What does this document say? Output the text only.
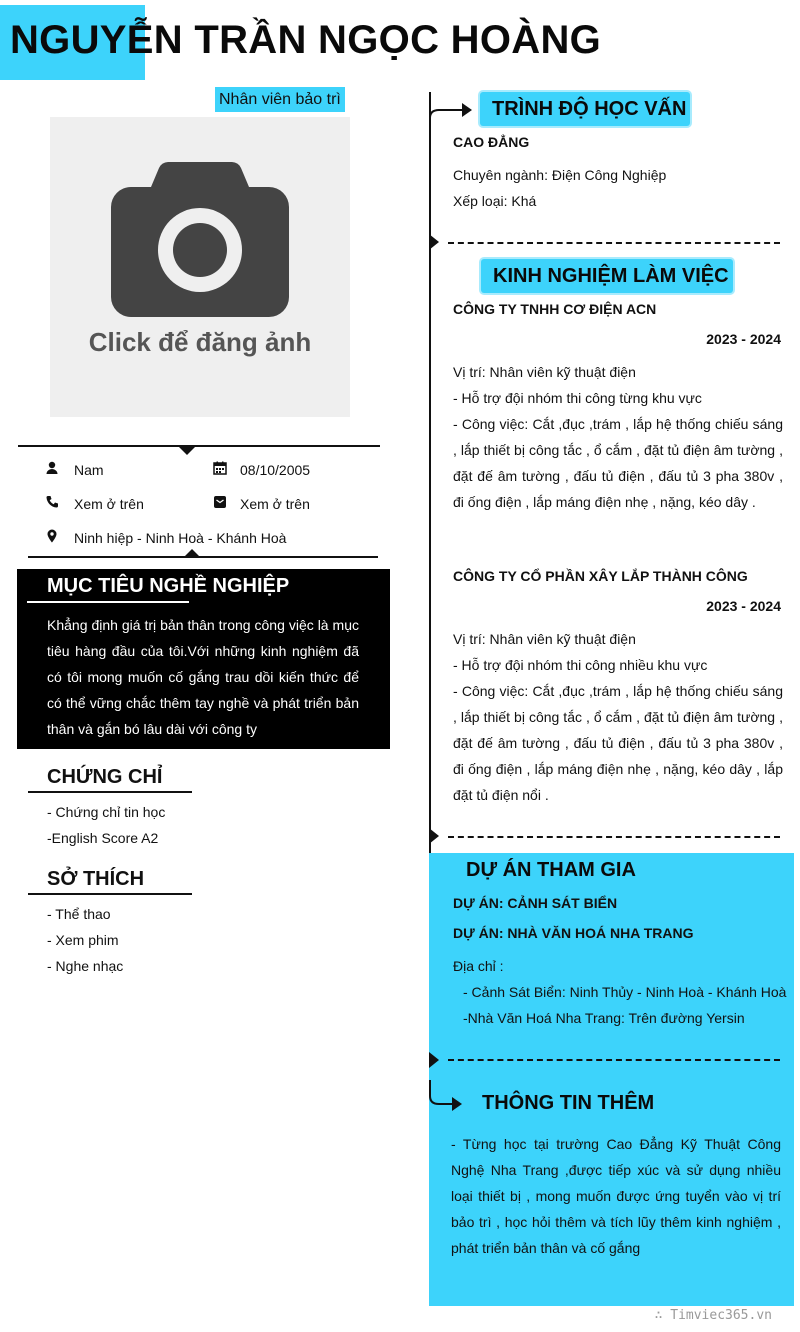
NGUYỄN TRẦN NGỌC HOÀNG
Nhân viên bảo trì
Click để đăng ảnh
Nam	08/10/2005
Xem ở trên	Xem ở trên
Ninh hiệp - Ninh Hoà - Khánh Hoà
MỤC TIÊU NGHỀ NGHIỆP
Khẳng định giá trị bản thân trong công việc là mục tiêu hàng đầu của tôi.Với những kinh nghiệm đã có tôi mong muốn cố gắng trau dồi kiến thức để có thể vững chắc thêm tay nghề và phát triển bản thân và gắn bó lâu dài với công ty
CHỨNG CHỈ
- Chứng chỉ tin học
-English Score A2
SỞ THÍCH
- Thể thao
- Xem phim
- Nghe nhạc
TRÌNH ĐỘ HỌC VẤN
CAO ĐẲNG
Chuyên ngành: Điện Công Nghiệp
Xếp loại: Khá
KINH NGHIỆM LÀM VIỆC
CÔNG TY TNHH CƠ ĐIỆN ACN
2023 - 2024
Vị trí: Nhân viên kỹ thuật điện
- Hỗ trợ đội nhóm thi công từng khu vực
- Công việc: Cắt ,đục ,trám , lắp hệ thống chiếu sáng , lắp thiết bị công tắc , ổ cắm , đặt tủ điện âm tường , đặt đế âm tường , đấu tủ điện , đấu tủ 3 pha 380v , đi ống điện , lắp máng điện nhẹ , nặng, kéo dây .
CÔNG TY CỔ PHẦN XÂY LẮP THÀNH CÔNG
2023 - 2024
Vị trí: Nhân viên kỹ thuật điện
- Hỗ trợ đội nhóm thi công nhiều khu vực
- Công việc: Cắt ,đục ,trám , lắp hệ thống chiếu sáng , lắp thiết bị công tắc , ổ cắm , đặt tủ điện âm tường , đặt đế âm tường , đấu tủ điện , đấu tủ 3 pha 380v , đi ống điện , lắp máng điện nhẹ , nặng, kéo dây , lắp đặt tủ điện nổi .
DỰ ÁN THAM GIA
DỰ ÁN: CẢNH SÁT BIỂN
DỰ ÁN: NHÀ VĂN HOÁ NHA TRANG
Địa chỉ :
- Cảnh Sát Biển: Ninh Thủy - Ninh Hoà - Khánh Hoà
-Nhà Văn Hoá Nha Trang: Trên đường Yersin
THÔNG TIN THÊM
- Từng học tại trường Cao Đẳng Kỹ Thuật Công Nghệ Nha Trang ,được tiếp xúc và sử dụng nhiều loại thiết bị , mong muốn được ứng tuyển vào vị trí bảo trì , học hỏi thêm và tích lũy thêm kinh nghiệm , phát triển bản thân và cố gắng
∴ Timviec365.vn
